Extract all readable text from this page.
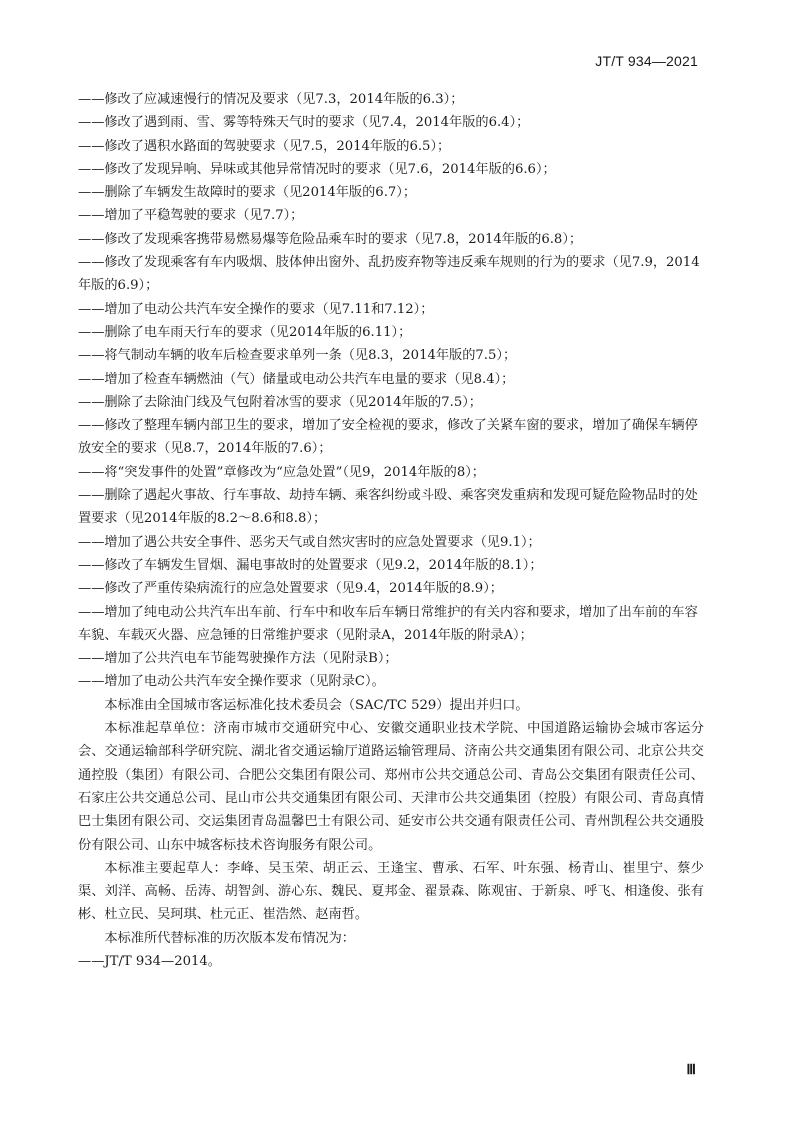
JT/T 934—2021
——修改了应减速慢行的情况及要求（见7.3，2014年版的6.3）；
——修改了遇到雨、雪、雾等特殊天气时的要求（见7.4，2014年版的6.4）；
——修改了遇积水路面的驾驶要求（见7.5，2014年版的6.5）；
——修改了发现异响、异味或其他异常情况时的要求（见7.6，2014年版的6.6）；
——删除了车辆发生故障时的要求（见2014年版的6.7）；
——增加了平稳驾驶的要求（见7.7）；
——修改了发现乘客携带易燃易爆等危险品乘车时的要求（见7.8，2014年版的6.8）；
——修改了发现乘客有车内吸烟、肢体伸出窗外、乱扔废弃物等违反乘车规则的行为的要求（见7.9，2014年版的6.9）；
——增加了电动公共汽车安全操作的要求（见7.11和7.12）；
——删除了电车雨天行车的要求（见2014年版的6.11）；
——将气制动车辆的收车后检查要求单列一条（见8.3，2014年版的7.5）；
——增加了检查车辆燃油（气）储量或电动公共汽车电量的要求（见8.4）；
——删除了去除油门线及气包附着冰雪的要求（见2014年版的7.5）；
——修改了整理车辆内部卫生的要求，增加了安全检视的要求，修改了关紧车窗的要求，增加了确保车辆停放安全的要求（见8.7，2014年版的7.6）；
——将“突发事件的处置”章修改为“应急处置”（见9，2014年版的8）；
——删除了遇起火事故、行车事故、劫持车辆、乘客纠纷或斗殴、乘客突发重病和发现可疑危险物品时的处置要求（见2014年版的8.2～8.6和8.8）；
——增加了遇公共安全事件、恶劣天气或自然灾害时的应急处置要求（见9.1）；
——修改了车辆发生冒烟、漏电事故时的处置要求（见9.2，2014年版的8.1）；
——修改了严重传染病流行的应急处置要求（见9.4，2014年版的8.9）；
——增加了纯电动公共汽车出车前、行车中和收车后车辆日常维护的有关内容和要求，增加了出车前的车容车貌、车载灭火器、应急锤的日常维护要求（见附录A，2014年版的附录A）；
——增加了公共汽电车节能驾驶操作方法（见附录B）；
——增加了电动公共汽车安全操作要求（见附录C）。
本标准由全国城市客运标准化技术委员会（SAC/TC 529）提出并归口。
本标准起草单位：济南市城市交通研究中心、安徽交通职业技术学院、中国道路运输协会城市客运分会、交通运输部科学研究院、湖北省交通运输厅道路运输管理局、济南公共交通集团有限公司、北京公共交通控股（集团）有限公司、合肥公交集团有限公司、郑州市公共交通总公司、青岛公交集团有限责任公司、石家庄公共交通总公司、昆山市公共交通集团有限公司、天津市公共交通集团（控股）有限公司、青岛真情巴士集团有限公司、交运集团青岛温馨巴士有限公司、延安市公共交通有限责任公司、青州凯程公共交通股份有限公司、山东中城客标技术咨询服务有限公司。
本标准主要起草人：李峰、吴玉荣、胡正云、王逢宝、曹承、石军、叶东强、杨青山、崔里宁、蔡少渠、刘洋、高畅、岳涛、胡智剑、游心东、魏民、夏邦金、翟景森、陈观宙、于新泉、呼飞、相逢俊、张有彬、杜立民、吴珂琪、杜元正、崔浩然、赵南哲。
本标准所代替标准的历次版本发布情况为：
——JT/T 934—2014。
Ⅲ
